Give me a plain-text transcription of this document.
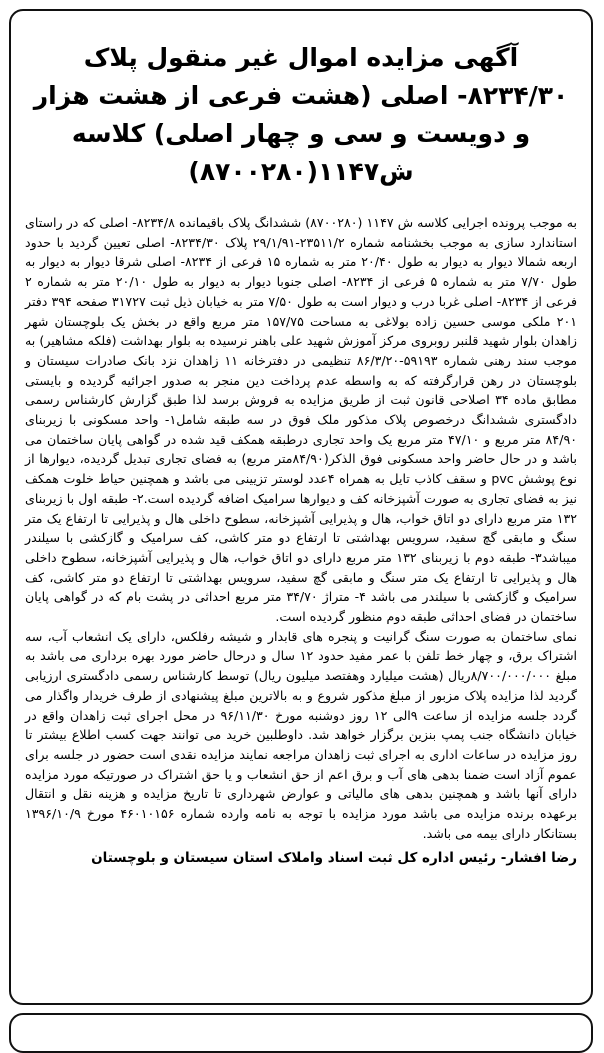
آگهی مزایده اموال غیر منقول پلاک ۸۲۳۴/۳۰- اصلی (هشت فرعی از هشت هزار و دویست و سی و چهار اصلی) کلاسه ش۱۱۴۷(۸۷۰۰۲۸۰)

به موجب پرونده اجرایی کلاسه ش ۱۱۴۷ (۸۷۰۰۲۸۰) ششدانگ پلاک باقیمانده ۸۲۳۴/۸- اصلی که در راستای استاندارد سازی به موجب بخشنامه شماره ۲۳۵۱۱/۲-۲۹/۱/۹۱ پلاک ۸۲۳۴/۳۰- اصلی تعیین گردید با حدود اربعه شمالا دیوار به دیوار به طول ۲۰/۴۰ متر به شماره ۱۵ فرعی از ۸۲۳۴- اصلی شرقا دیوار به دیوار به طول ۷/۷۰ متر به شماره ۵ فرعی از ۸۲۳۴- اصلی جنوبا دیوار به دیوار به طول ۲۰/۱۰ متر به شماره ۲ فرعی از ۸۲۳۴- اصلی غربا درب و دیوار است به طول ۷/۵۰ متر به خیابان ذیل ثبت ۳۱۷۲۷ صفحه ۳۹۴ دفتر ۲۰۱ ملکی موسی حسین زاده بولاغی به مساحت ۱۵۷/۷۵ متر مربع واقع در بخش یک بلوچستان شهر زاهدان بلوار شهید قلنبر روبروی مرکز آموزش شهید علی باهنر نرسیده به بلوار بهداشت (فلکه مشاهیر) به موجب سند رهنی شماره ۵۹۱۹۳-۸۶/۳/۲۰ تنظیمی در دفترخانه ۱۱ زاهدان نزد بانک صادرات سیستان و بلوچستان در رهن قرارگرفته که به واسطه عدم پرداخت دین منجر به صدور اجرائیه گردیده و بایستی مطابق ماده ۳۴ اصلاحی قانون ثبت از طریق مزایده به فروش برسد لذا طبق گزارش کارشناس رسمی دادگستری ششدانگ درخصوص پلاک مذکور ملک فوق در سه طبقه شامل۱- واحد مسکونی با زیربنای ۸۴/۹۰ متر مربع و ۴۷/۱۰ متر مربع یک واحد تجاری درطبقه همکف قید شده در گواهی پایان ساختمان می باشد و در حال حاضر واحد مسکونی فوق الذکر(۸۴/۹۰متر مربع) به فضای تجاری تبدیل گردیده، دیوارها از نوع پوشش pvc و سقف کاذب تایل به همراه ۴عدد لوستر تزیینی می باشد و همچنین حیاط خلوت همکف نیز به فضای تجاری به صورت آشپزخانه کف و دیوارها سرامیک اضافه گردیده است.۲- طبقه اول با زیربنای ۱۳۲ متر مربع دارای دو اتاق خواب، هال و پذیرایی آشپزخانه، سطوح داخلی هال و پذیرایی تا ارتفاع یک متر سنگ و مابقی گچ سفید، سرویس بهداشتی تا ارتفاع دو متر کاشی، کف سرامیک و گازکشی با سیلندر میباشد۳- طبقه دوم با زیربنای ۱۳۲ متر مربع دارای دو اتاق خواب، هال و پذیرایی آشپزخانه، سطوح داخلی هال و پذیرایی تا ارتفاع یک متر سنگ و مابقی گچ سفید، سرویس بهداشتی تا ارتفاع دو متر کاشی، کف سرامیک و گازکشی با سیلندر می باشد ۴- متراژ ۳۴/۷۰ متر مربع احداثی در پشت بام که در گواهی پایان ساختمان در فضای احداثی طبقه دوم منظور گردیده است.

نمای ساختمان به صورت سنگ گرانیت و پنجره های قابدار و شیشه رفلکس، دارای یک انشعاب آب، سه اشتراک برق، و چهار خط تلفن با عمر مفید حدود ۱۲ سال و درحال حاضر مورد بهره برداری می باشد به مبلغ ۸/۷۰۰/۰۰۰/۰۰۰ریال (هشت میلیارد وهفتصد میلیون ریال) توسط کارشناس رسمی دادگستری ارزیابی گردید لذا مزایده پلاک مزبور از مبلغ مذکور شروع و به بالاترین مبلغ پیشنهادی از طرف خریدار واگذار می گردد جلسه مزایده از ساعت ۹الی ۱۲ روز دوشنبه مورخ ۹۶/۱۱/۳۰ در محل اجرای ثبت زاهدان واقع در خیابان دانشگاه جنب پمپ بنزین برگزار خواهد شد. داوطلبین خرید می توانند جهت کسب اطلاع بیشتر تا روز مزایده در ساعات اداری به اجرای ثبت زاهدان مراجعه نمایند مزایده نقدی است حضور در جلسه برای عموم آزاد است ضمنا بدهی های آب و برق اعم از حق انشعاب و یا حق اشتراک در صورتیکه مورد مزایده دارای آنها باشد و همچنین بدهی های مالیاتی و عوارض شهرداری تا تاریخ مزایده و هزینه نقل و انتقال برعهده برنده مزایده می باشد مورد مزایده با توجه به نامه وارده شماره ۴۶۰۱۰۱۵۶ مورخ ۱۳۹۶/۱۰/۹ بستانکار دارای بیمه می باشد.

رضا افشار- رئیس اداره کل ثبت اسناد واملاک استان سیستان و بلوچستان
